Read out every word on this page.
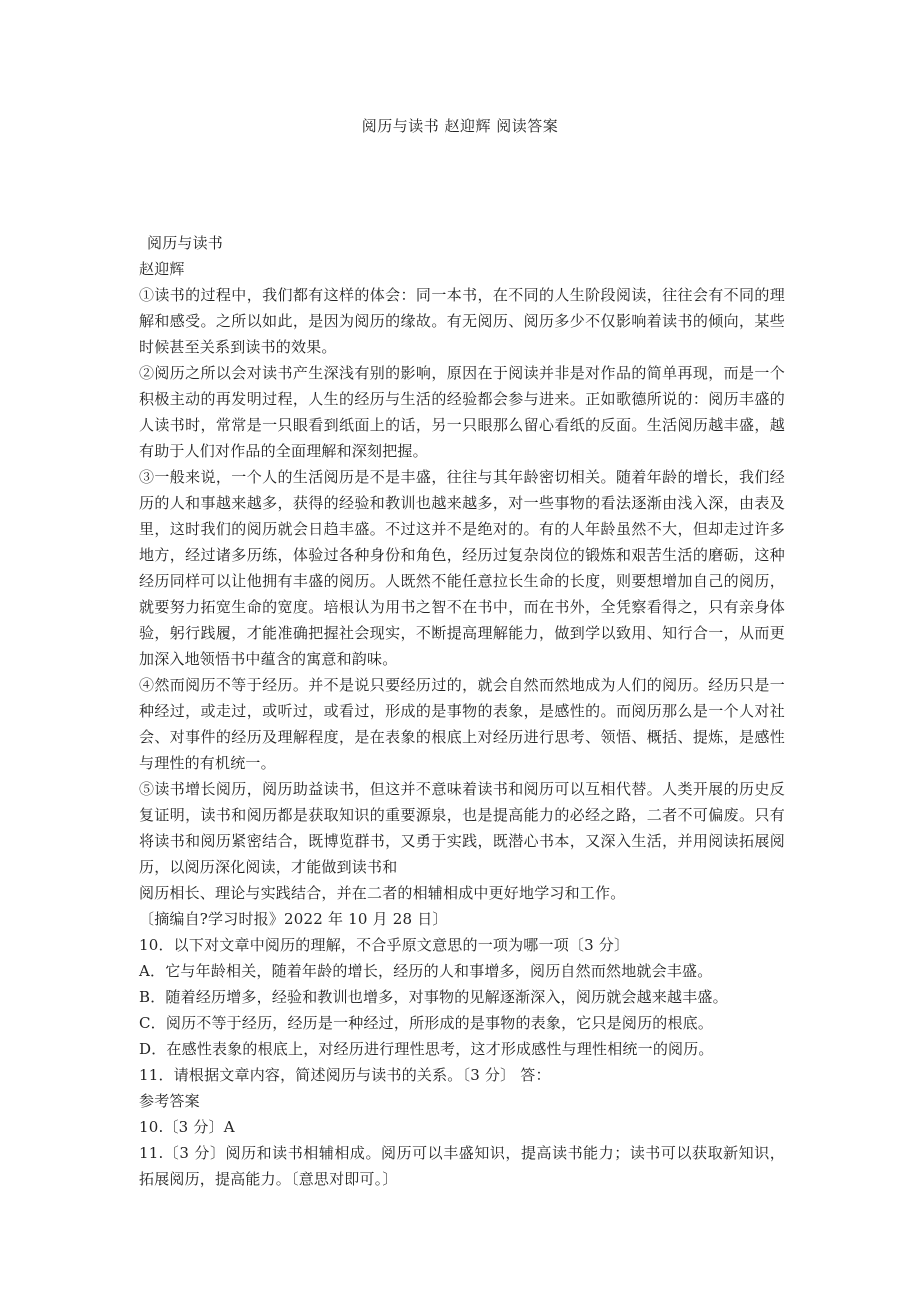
阅历与读书 赵迎辉 阅读答案
阅历与读书
赵迎辉
①读书的过程中，我们都有这样的体会：同一本书，在不同的人生阶段阅读，往往会有不同的理解和感受。之所以如此，是因为阅历的缘故。有无阅历、阅历多少不仅影响着读书的倾向，某些时候甚至关系到读书的效果。
②阅历之所以会对读书产生深浅有别的影响，原因在于阅读并非是对作品的简单再现，而是一个积极主动的再发明过程，人生的经历与生活的经验都会参与进来。正如歌德所说的：阅历丰盛的人读书时，常常是一只眼看到纸面上的话，另一只眼那么留心看纸的反面。生活阅历越丰盛，越有助于人们对作品的全面理解和深刻把握。
③一般来说，一个人的生活阅历是不是丰盛，往往与其年龄密切相关。随着年龄的增长，我们经历的人和事越来越多，获得的经验和教训也越来越多，对一些事物的看法逐渐由浅入深，由表及里，这时我们的阅历就会日趋丰盛。不过这并不是绝对的。有的人年龄虽然不大，但却走过许多地方，经过诸多历练，体验过各种身份和角色，经历过复杂岗位的锻炼和艰苦生活的磨砺，这种经历同样可以让他拥有丰盛的阅历。人既然不能任意拉长生命的长度，则要想增加自己的阅历，就要努力拓宽生命的宽度。培根认为用书之智不在书中，而在书外，全凭察看得之，只有亲身体验，躬行践履，才能准确把握社会现实，不断提高理解能力，做到学以致用、知行合一，从而更加深入地领悟书中蕴含的寓意和韵味。
④然而阅历不等于经历。并不是说只要经历过的，就会自然而然地成为人们的阅历。经历只是一种经过，或走过，或听过，或看过，形成的是事物的表象，是感性的。而阅历那么是一个人对社会、对事件的经历及理解程度，是在表象的根底上对经历进行思考、领悟、概括、提炼，是感性与理性的有机统一。
⑤读书增长阅历，阅历助益读书，但这并不意味着读书和阅历可以互相代替。人类开展的历史反复证明，读书和阅历都是获取知识的重要源泉，也是提高能力的必经之路，二者不可偏废。只有将读书和阅历紧密结合，既博览群书，又勇于实践，既潜心书本，又深入生活，并用阅读拓展阅历，以阅历深化阅读，才能做到读书和
阅历相长、理论与实践结合，并在二者的相辅相成中更好地学习和工作。
〔摘编自?学习时报》2022 年 10 月 28 日〕
10．以下对文章中阅历的理解，不合乎原文意思的一项为哪一项〔3 分〕
A．它与年龄相关，随着年龄的增长，经历的人和事增多，阅历自然而然地就会丰盛。
B．随着经历增多，经验和教训也增多，对事物的见解逐渐深入，阅历就会越来越丰盛。
C．阅历不等于经历，经历是一种经过，所形成的是事物的表象，它只是阅历的根底。
D．在感性表象的根底上，对经历进行理性思考，这才形成感性与理性相统一的阅历。
11．请根据文章内容，简述阅历与读书的关系。〔3 分〕 答：
参考答案
10.〔3 分〕A
11.〔3 分〕阅历和读书相辅相成。阅历可以丰盛知识，提高读书能力；读书可以获取新知识，拓展阅历，提高能力。〔意思对即可。〕
